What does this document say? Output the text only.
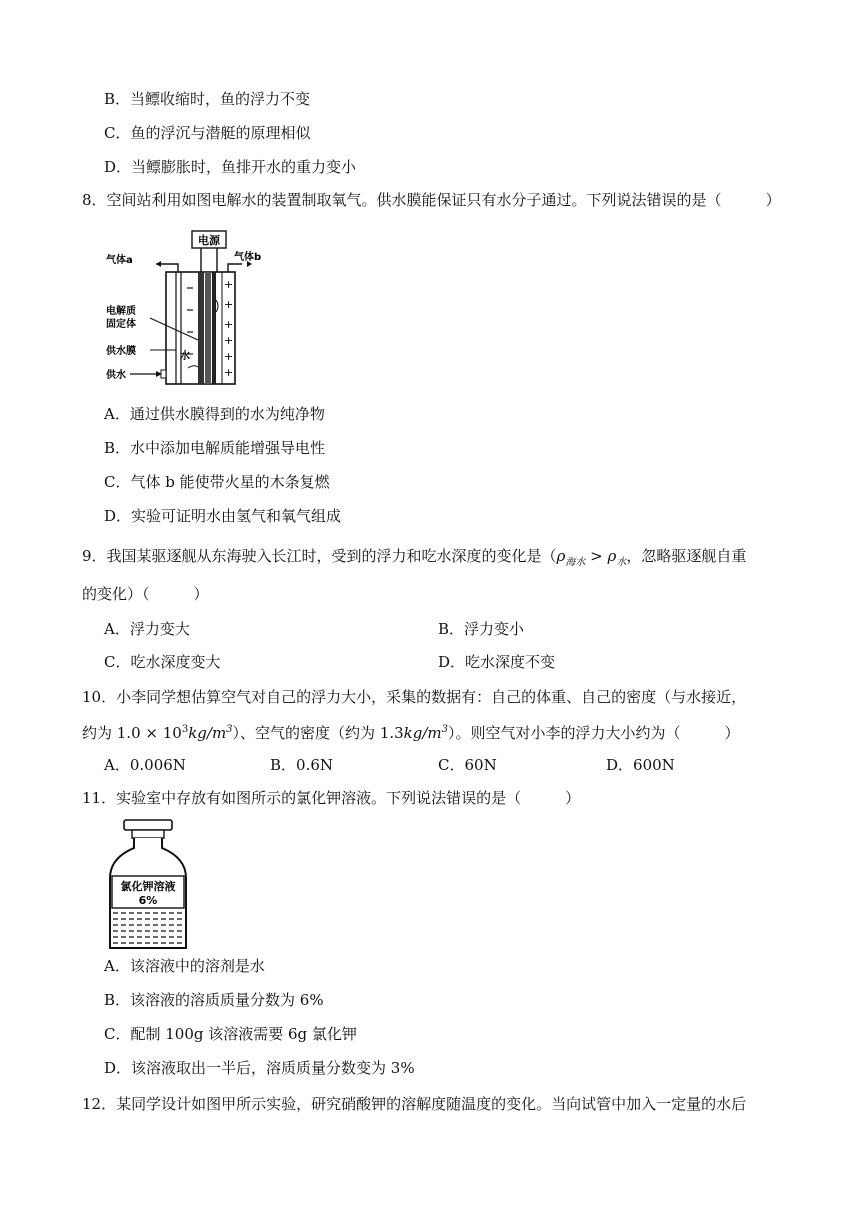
B．当鳔收缩时，鱼的浮力不变
C．鱼的浮沉与潜艇的原理相似
D．当鳔膨胀时，鱼排开水的重力变小
8．空间站利用如图电解水的装置制取氧气。供水膜能保证只有水分子通过。下列说法错误的是（	）
电源
气体a	气体b
+
+
+
+
+
+
电解质
固定体
供水膜
供水
水
A．通过供水膜得到的水为纯净物
B．水中添加电解质能增强导电性
C．气体 b 能使带火星的木条复燃
D．实验可证明水由氢气和氧气组成
9．我国某驱逐舰从东海驶入长江时，受到的浮力和吃水深度的变化是（$\rho_{海水} > \rho_水$，忽略驱逐舰自重
的变化）（	）
A．浮力变大	B．浮力变小
C．吃水深度变大	D．吃水深度不变
10．小李同学想估算空气对自己的浮力大小，采集的数据有：自己的体重、自己的密度（与水接近，
约为 $1.0 \times 10^3kg/m^3$）、空气的密度（约为 $1.3kg/m^3$）。则空气对小李的浮力大小约为（	）
A．0.006N	B．0.6N	C．60N	D．600N
11．实验室中存放有如图所示的氯化钾溶液。下列说法错误的是（	）
氯化钾溶液
6%
A．该溶液中的溶剂是水
B．该溶液的溶质质量分数为 6%
C．配制 100g 该溶液需要 6g 氯化钾
D．该溶液取出一半后，溶质质量分数变为 3%
12．某同学设计如图甲所示实验，研究硝酸钾的溶解度随温度的变化。当向试管中加入一定量的水后
